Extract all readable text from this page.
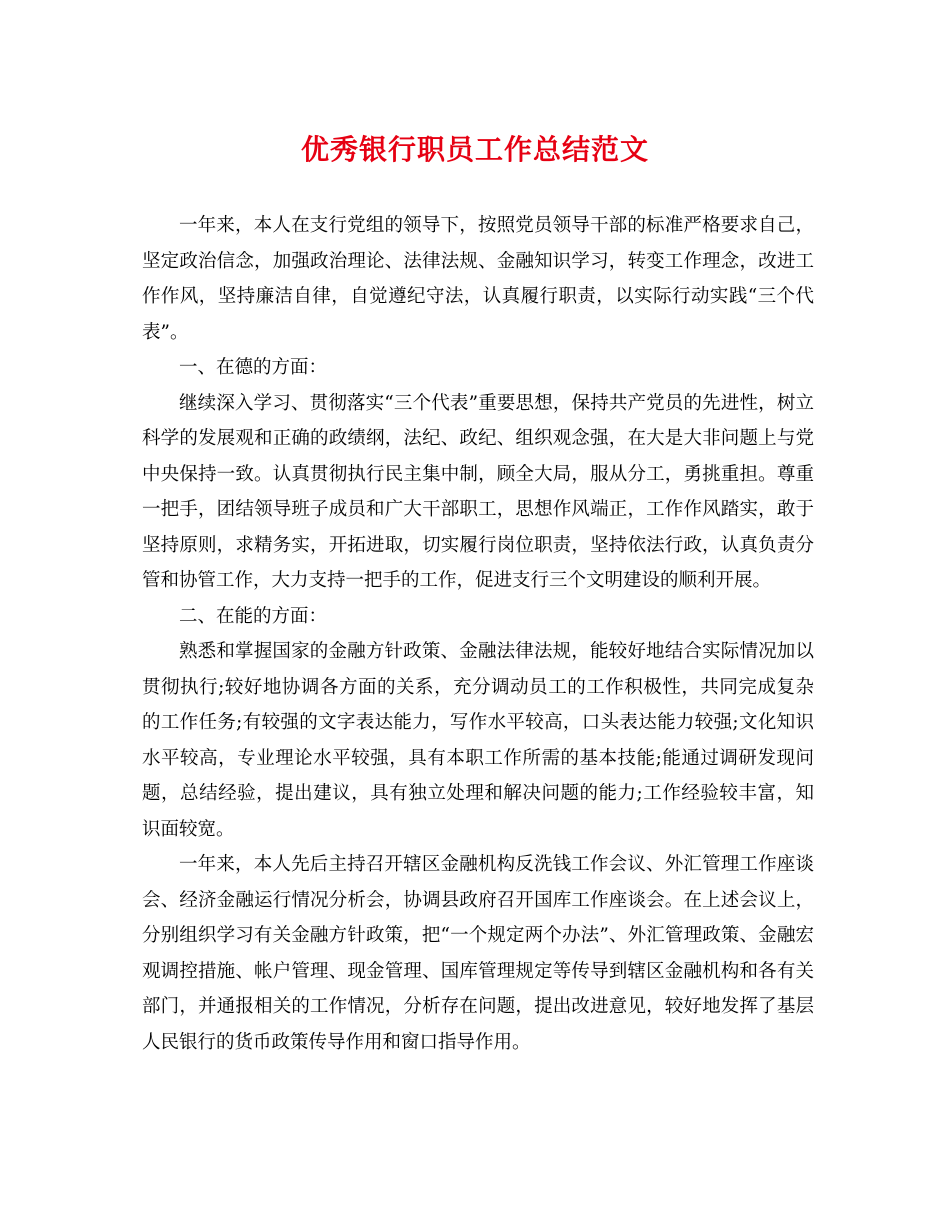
优秀银行职员工作总结范文

一年来，本人在支行党组的领导下，按照党员领导干部的标准严格要求自己，坚定政治信念，加强政治理论、法律法规、金融知识学习，转变工作理念，改进工作作风，坚持廉洁自律，自觉遵纪守法，认真履行职责，以实际行动实践“三个代表”。

一、在德的方面：

继续深入学习、贯彻落实“三个代表”重要思想，保持共产党员的先进性，树立科学的发展观和正确的政绩纲，法纪、政纪、组织观念强，在大是大非问题上与党中央保持一致。认真贯彻执行民主集中制，顾全大局，服从分工，勇挑重担。尊重一把手，团结领导班子成员和广大干部职工，思想作风端正，工作作风踏实，敢于坚持原则，求精务实，开拓进取，切实履行岗位职责，坚持依法行政，认真负责分管和协管工作，大力支持一把手的工作，促进支行三个文明建设的顺利开展。

二、在能的方面：

熟悉和掌握国家的金融方针政策、金融法律法规，能较好地结合实际情况加以贯彻执行;较好地协调各方面的关系，充分调动员工的工作积极性，共同完成复杂的工作任务;有较强的文字表达能力，写作水平较高，口头表达能力较强;文化知识水平较高，专业理论水平较强，具有本职工作所需的基本技能;能通过调研发现问题，总结经验，提出建议，具有独立处理和解决问题的能力;工作经验较丰富，知识面较宽。

一年来，本人先后主持召开辖区金融机构反洗钱工作会议、外汇管理工作座谈会、经济金融运行情况分析会，协调县政府召开国库工作座谈会。在上述会议上，分别组织学习有关金融方针政策，把“一个规定两个办法”、外汇管理政策、金融宏观调控措施、帐户管理、现金管理、国库管理规定等传导到辖区金融机构和各有关部门，并通报相关的工作情况，分析存在问题，提出改进意见，较好地发挥了基层人民银行的货币政策传导作用和窗口指导作用。
